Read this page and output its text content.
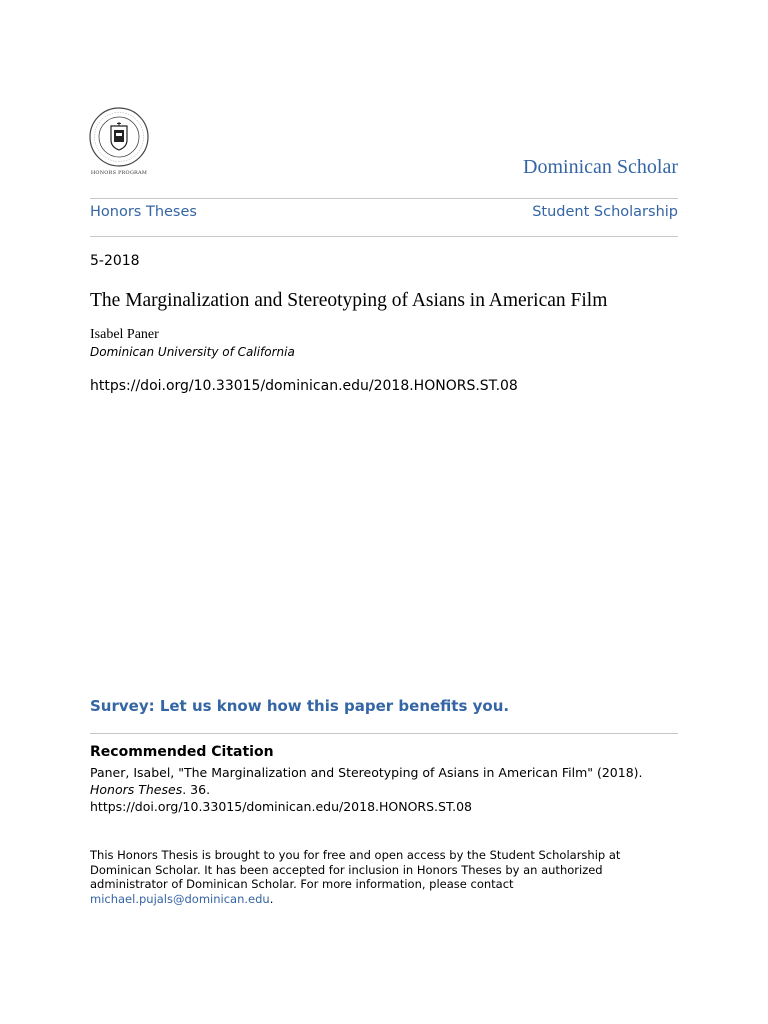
HONORS PROGRAM	Dominican Scholar
Honors Theses	Student Scholarship
5-2018
The Marginalization and Stereotyping of Asians in American Film
Isabel Paner
Dominican University of California
https://doi.org/10.33015/dominican.edu/2018.HONORS.ST.08
Survey: Let us know how this paper benefits you.
Recommended Citation
Paner, Isabel, "The Marginalization and Stereotyping of Asians in American Film" (2018).
Honors Theses. 36.
https://doi.org/10.33015/dominican.edu/2018.HONORS.ST.08
This Honors Thesis is brought to you for free and open access by the Student Scholarship at
Dominican Scholar. It has been accepted for inclusion in Honors Theses by an authorized
administrator of Dominican Scholar. For more information, please contact
michael.pujals@dominican.edu.
